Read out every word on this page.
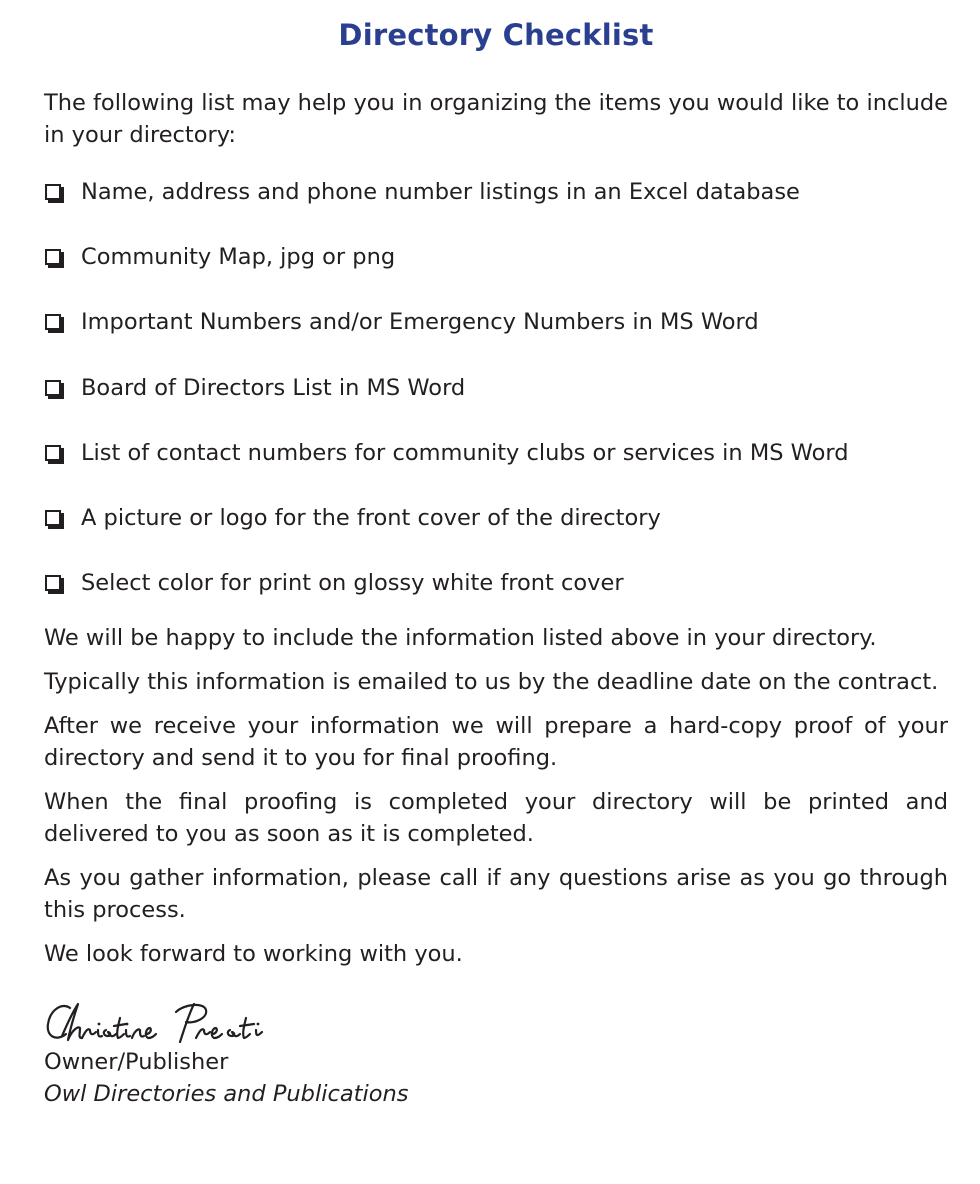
Directory Checklist

The following list may help you in organizing the items you would like to include in your directory:

Name, address and phone number listings in an Excel database
Community Map, jpg or png
Important Numbers and/or Emergency Numbers in MS Word
Board of Directors List in MS Word
List of contact numbers for community clubs or services in MS Word
A picture or logo for the front cover of the directory
Select color for print on glossy white front cover

We will be happy to include the information listed above in your directory.

Typically this information is emailed to us by the deadline date on the contract.

After we receive your information we will prepare a hard-copy proof of your directory and send it to you for final proofing.

When the final proofing is completed your directory will be printed and delivered to you as soon as it is completed.

As you gather information, please call if any questions arise as you go through this process.

We look forward to working with you.

Owner/Publisher

Owl Directories and Publications
